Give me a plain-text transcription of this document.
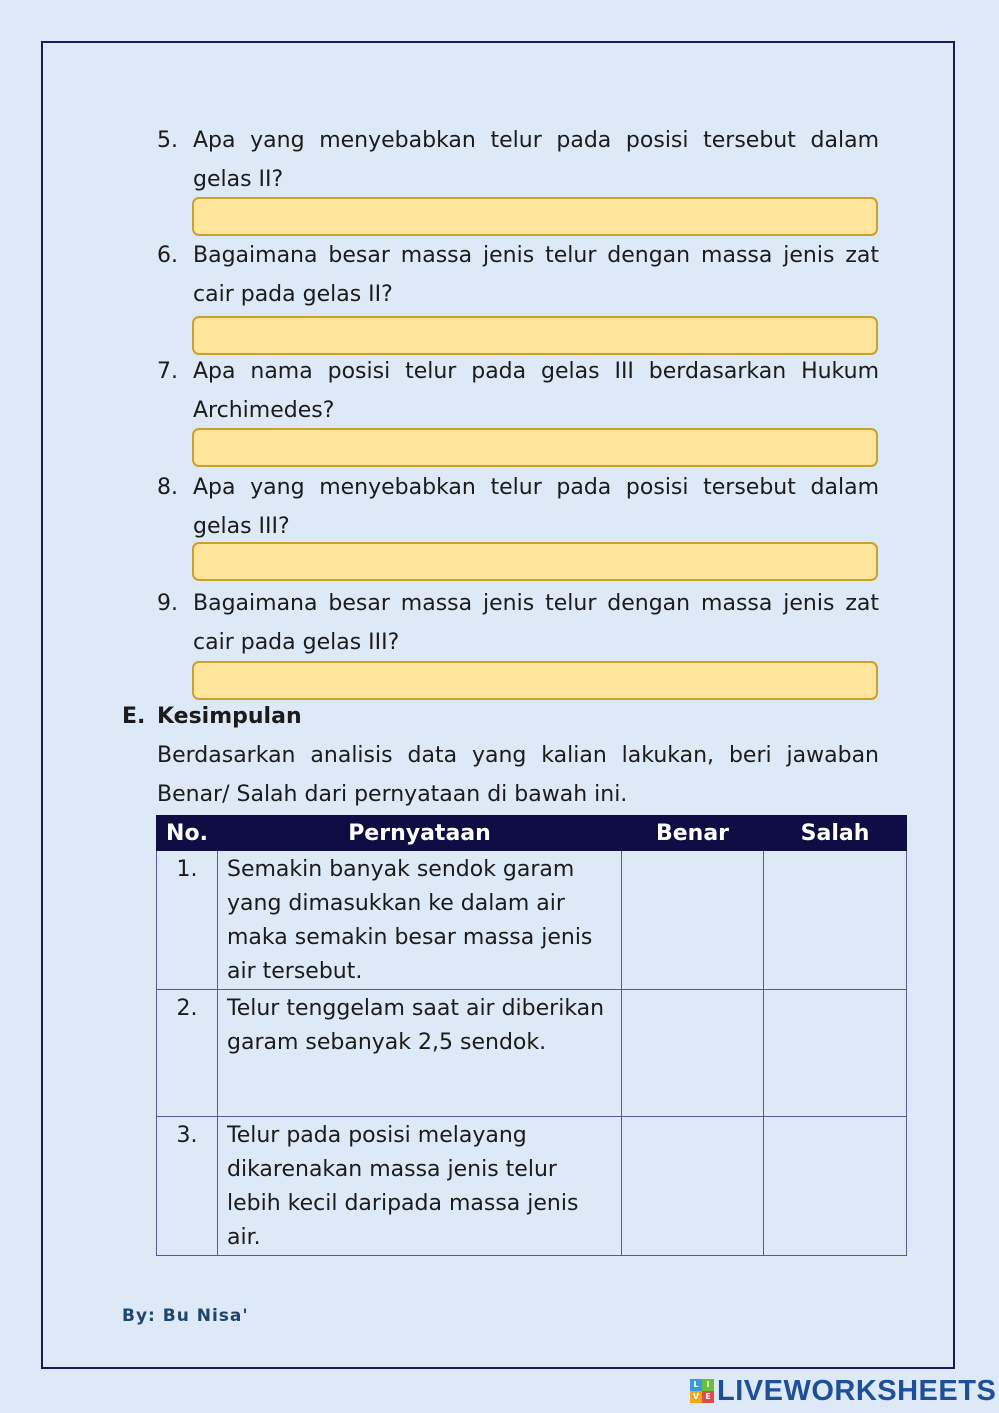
5. Apa yang menyebabkan telur pada posisi tersebut dalam gelas II?
6. Bagaimana besar massa jenis telur dengan massa jenis zat cair pada gelas II?
7. Apa nama posisi telur pada gelas III berdasarkan Hukum Archimedes?
8. Apa yang menyebabkan telur pada posisi tersebut dalam gelas III?
9. Bagaimana besar massa jenis telur dengan massa jenis zat cair pada gelas III?
E. Kesimpulan
Berdasarkan analisis data yang kalian lakukan, beri jawaban
Benar/ Salah dari pernyataan di bawah ini.
No.	Pernyataan	Benar	Salah
1.	Semakin banyak sendok garam yang dimasukkan ke dalam air maka semakin besar massa jenis air tersebut.		
2.	Telur tenggelam saat air diberikan garam sebanyak 2,5 sendok.		
3.	Telur pada posisi melayang dikarenakan massa jenis telur lebih kecil daripada massa jenis air.		
By: Bu Nisa'
L I
V E LIVEWORKSHEETS
